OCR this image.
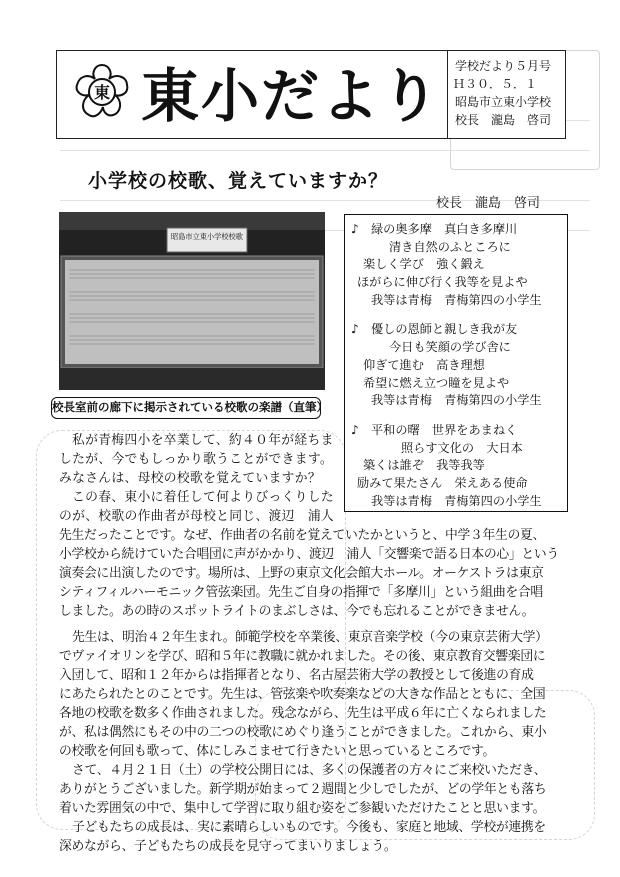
東 東小だより 学校だより５月号
Ｈ３０．５．１
昭島市立東小学校
校長　瀧島　啓司
小学校の校歌、覚えていますか？
校長　瀧島　啓司
昭島市立東小学校校歌
校長室前の廊下に掲示されている校歌の楽譜（直筆）
♪　 緑の奥多摩　真白き多摩川
清き自然のふところに
楽しく学び　強く鍛え
ほがらに伸び行く我等を見よや
我等は青梅　青梅第四の小学生
♪　 優しの恩師と親しき我が友
今日も笑顔の学び舎に
仰ぎて進む　高き理想
希望に燃え立つ瞳を見よや
我等は青梅　青梅第四の小学生
♪　 平和の曙　世界をあまねく
照らす文化の　大日本
築くは誰ぞ　我等我等
励みて果たさん　栄えある使命
我等は青梅　青梅第四の小学生
私が青梅四小を卒業して、約４０年が経ちま
したが、今でもしっかり歌うことができます。
みなさんは、母校の校歌を覚えていますか？
この春、東小に着任して何よりびっくりした
のが、校歌の作曲者が母校と同じ、渡辺　浦人
先生だったことです。なぜ、作曲者の名前を覚えていたかというと、中学３年生の夏、
小学校から続けていた合唱団に声がかかり、渡辺　浦人「交響楽で語る日本の心」という
演奏会に出演したのです。場所は、上野の東京文化会館大ホール。オーケストラは東京
シティフィルハーモニック管弦楽団。先生ご自身の指揮で「多摩川」という組曲を合唱
しました。あの時のスポットライトのまぶしさは、今でも忘れることができません。
先生は、明治４２年生まれ。師範学校を卒業後、東京音楽学校（今の東京芸術大学）
でヴァイオリンを学び、昭和５年に教職に就かれました。その後、東京教育交響楽団に
入団して、昭和１２年からは指揮者となり、名古屋芸術大学の教授として後進の育成
にあたられたとのことです。先生は、管弦楽や吹奏楽などの大きな作品とともに、全国
各地の校歌を数多く作曲されました。残念ながら、先生は平成６年に亡くなられました
が、私は偶然にもその中の二つの校歌にめぐり逢うことができました。これから、東小
の校歌を何回も歌って、体にしみこませて行きたいと思っているところです。
さて、４月２１日（土）の学校公開日には、多くの保護者の方々にご来校いただき、
ありがとうございました。新学期が始まって２週間と少しでしたが、どの学年とも落ち
着いた雰囲気の中で、集中して学習に取り組む姿をご参観いただけたことと思います。
子どもたちの成長は、実に素晴らしいものです。今後も、家庭と地域、学校が連携を
深めながら、子どもたちの成長を見守ってまいりましょう。
